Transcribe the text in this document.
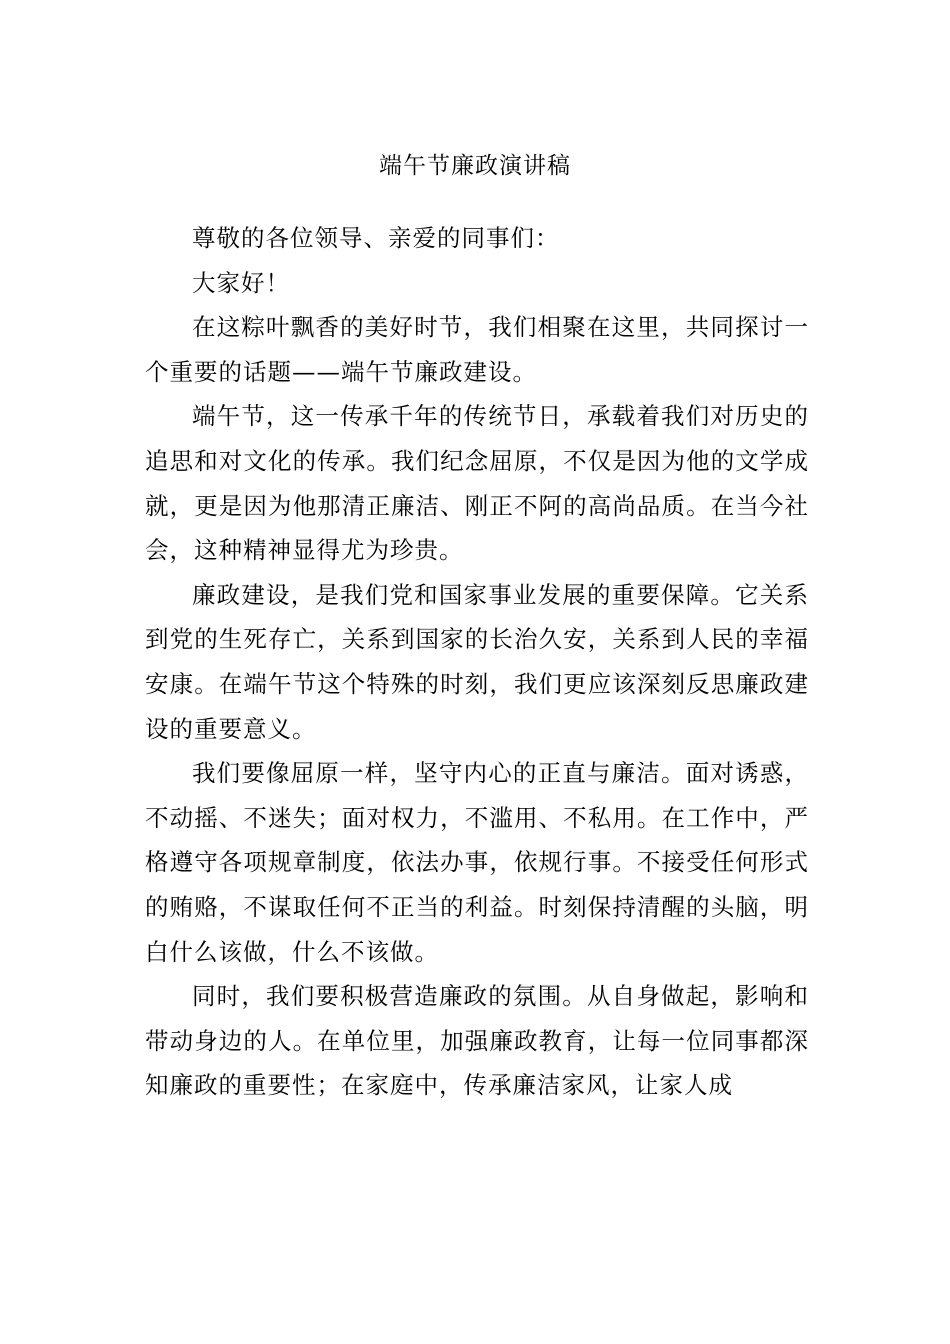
端午节廉政演讲稿

尊敬的各位领导、亲爱的同事们：

大家好！

在这粽叶飘香的美好时节，我们相聚在这里，共同探讨一个重要的话题——端午节廉政建设。

端午节，这一传承千年的传统节日，承载着我们对历史的追思和对文化的传承。我们纪念屈原，不仅是因为他的文学成就，更是因为他那清正廉洁、刚正不阿的高尚品质。在当今社会，这种精神显得尤为珍贵。

廉政建设，是我们党和国家事业发展的重要保障。它关系到党的生死存亡，关系到国家的长治久安，关系到人民的幸福安康。在端午节这个特殊的时刻，我们更应该深刻反思廉政建设的重要意义。

我们要像屈原一样，坚守内心的正直与廉洁。面对诱惑，不动摇、不迷失；面对权力，不滥用、不私用。在工作中，严格遵守各项规章制度，依法办事，依规行事。不接受任何形式的贿赂，不谋取任何不正当的利益。时刻保持清醒的头脑，明白什么该做，什么不该做。

同时，我们要积极营造廉政的氛围。从自身做起，影响和带动身边的人。在单位里，加强廉政教育，让每一位同事都深知廉政的重要性；在家庭中，传承廉洁家风，让家人成
